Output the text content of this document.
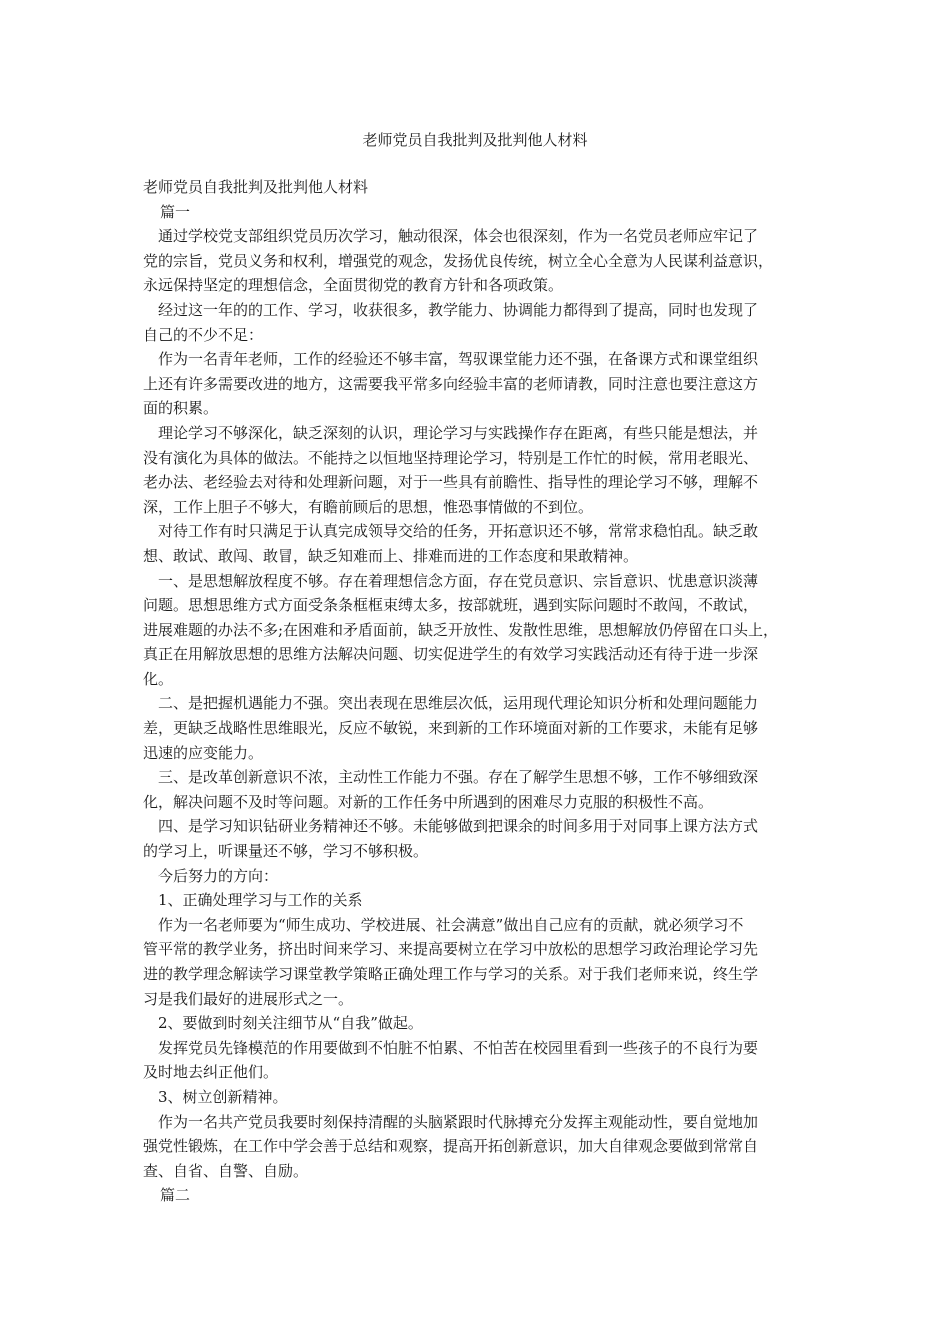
老师党员自我批判及批判他人材料

老师党员自我批判及批判他人材料

篇一

通过学校党支部组织党员历次学习，触动很深，体会也很深刻，作为一名党员老师应牢记了

党的宗旨，党员义务和权利，增强党的观念，发扬优良传统，树立全心全意为人民谋利益意识，

永远保持坚定的理想信念，全面贯彻党的教育方针和各项政策。

经过这一年的的工作、学习，收获很多，教学能力、协调能力都得到了提高，同时也发现了

自己的不少不足：

作为一名青年老师，工作的经验还不够丰富，驾驭课堂能力还不强，在备课方式和课堂组织

上还有许多需要改进的地方，这需要我平常多向经验丰富的老师请教，同时注意也要注意这方

面的积累。

理论学习不够深化，缺乏深刻的认识，理论学习与实践操作存在距离，有些只能是想法，并

没有演化为具体的做法。不能持之以恒地坚持理论学习，特别是工作忙的时候，常用老眼光、

老办法、老经验去对待和处理新问题，对于一些具有前瞻性、指导性的理论学习不够，理解不

深，工作上胆子不够大，有瞻前顾后的思想，惟恐事情做的不到位。

对待工作有时只满足于认真完成领导交给的任务，开拓意识还不够，常常求稳怕乱。缺乏敢

想、敢试、敢闯、敢冒，缺乏知难而上、排难而进的工作态度和果敢精神。

一、是思想解放程度不够。存在着理想信念方面，存在党员意识、宗旨意识、忧患意识淡薄

问题。思想思维方式方面受条条框框束缚太多，按部就班，遇到实际问题时不敢闯，不敢试，

进展难题的办法不多;在困难和矛盾面前，缺乏开放性、发散性思维，思想解放仍停留在口头上，

真正在用解放思想的思维方法解决问题、切实促进学生的有效学习实践活动还有待于进一步深

化。

二、是把握机遇能力不强。突出表现在思维层次低，运用现代理论知识分析和处理问题能力

差，更缺乏战略性思维眼光，反应不敏锐，来到新的工作环境面对新的工作要求，未能有足够

迅速的应变能力。

三、是改革创新意识不浓，主动性工作能力不强。存在了解学生思想不够，工作不够细致深

化，解决问题不及时等问题。对新的工作任务中所遇到的困难尽力克服的积极性不高。

四、是学习知识钻研业务精神还不够。未能够做到把课余的时间多用于对同事上课方法方式

的学习上，听课量还不够，学习不够积极。

今后努力的方向：

1、正确处理学习与工作的关系

作为一名老师要为“师生成功、学校进展、社会满意”做出自己应有的贡献，就必须学习不

管平常的教学业务，挤出时间来学习、来提高要树立在学习中放松的思想学习政治理论学习先

进的教学理念解读学习课堂教学策略正确处理工作与学习的关系。对于我们老师来说，终生学

习是我们最好的进展形式之一。

2、要做到时刻关注细节从“自我”做起。

发挥党员先锋模范的作用要做到不怕脏不怕累、不怕苦在校园里看到一些孩子的不良行为要

及时地去纠正他们。

3、树立创新精神。

作为一名共产党员我要时刻保持清醒的头脑紧跟时代脉搏充分发挥主观能动性，要自觉地加

强党性锻炼，在工作中学会善于总结和观察，提高开拓创新意识，加大自律观念要做到常常自

查、自省、自警、自励。

篇二
